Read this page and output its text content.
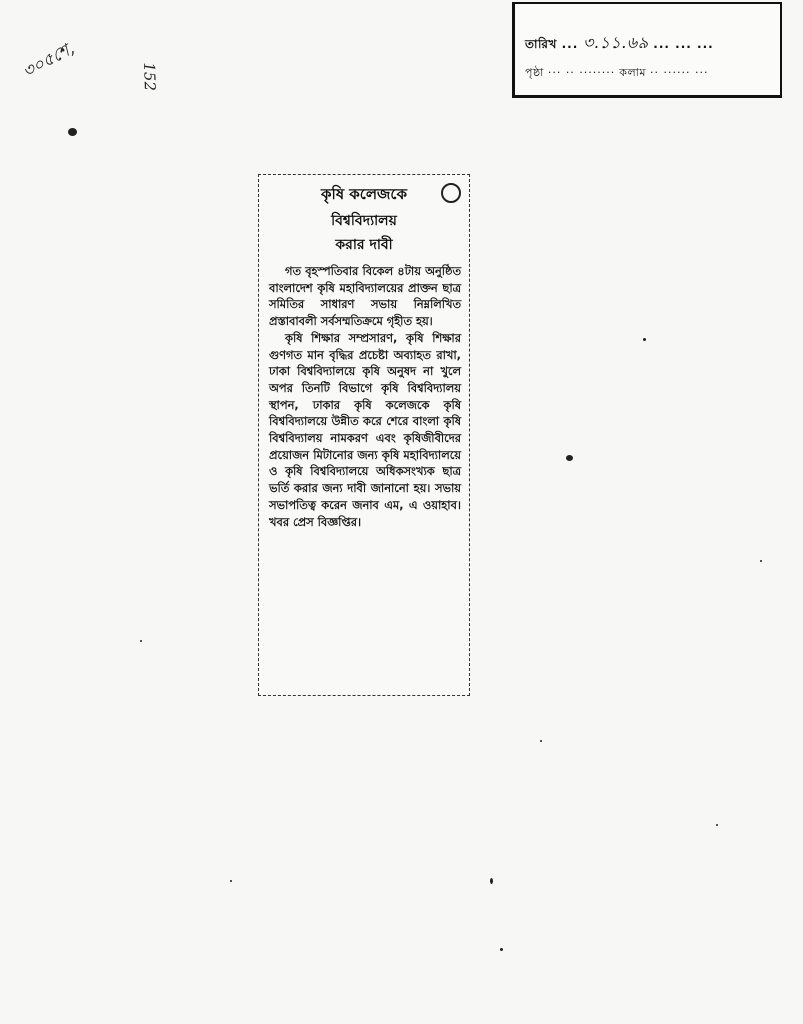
৩০৫শে,	152
তারিখ ... ৩.১১.৬৯ ... ... ...
পৃষ্ঠা ··· ·· ········ কলাম ·· ······ ···
কৃষি কলেজকে
বিশ্ববিদ্যালয়
করার দাবী

গত বৃহস্পতিবার বিকেল ৪টায় অনুষ্ঠিত বাংলাদেশ কৃষি মহাবিদ্যালয়ের প্রাক্তন ছাত্র সমিতির সাধারণ সভায় নিম্নলিখিত প্রস্তাবাবলী সর্বসম্মতিক্রমে গৃহীত হয়।

কৃষি শিক্ষার সম্প্রসারণ, কৃষি শিক্ষার গুণগত মান বৃদ্ধির প্রচেষ্টা অব্যাহত রাখা, ঢাকা বিশ্ববিদ্যালয়ে কৃষি অনুষদ না খুলে অপর তিনটি বিভাগে কৃষি বিশ্ববিদ্যালয় স্থাপন, ঢাকার কৃষি কলেজকে কৃষি বিশ্ববিদ্যালয়ে উন্নীত করে শেরে বাংলা কৃষি বিশ্ববিদ্যালয় নামকরণ এবং কৃষিজীবীদের প্রয়োজন মিটানোর জন্য কৃষি মহাবিদ্যালয়ে ও কৃষি বিশ্ববিদ্যালয়ে অধিকসংখ্যক ছাত্র ভর্তি করার জন্য দাবী জানানো হয়। সভায় সভাপতিত্ব করেন জনাব এম, এ ওয়াহাব। খবর প্রেস বিজ্ঞপ্তির।
